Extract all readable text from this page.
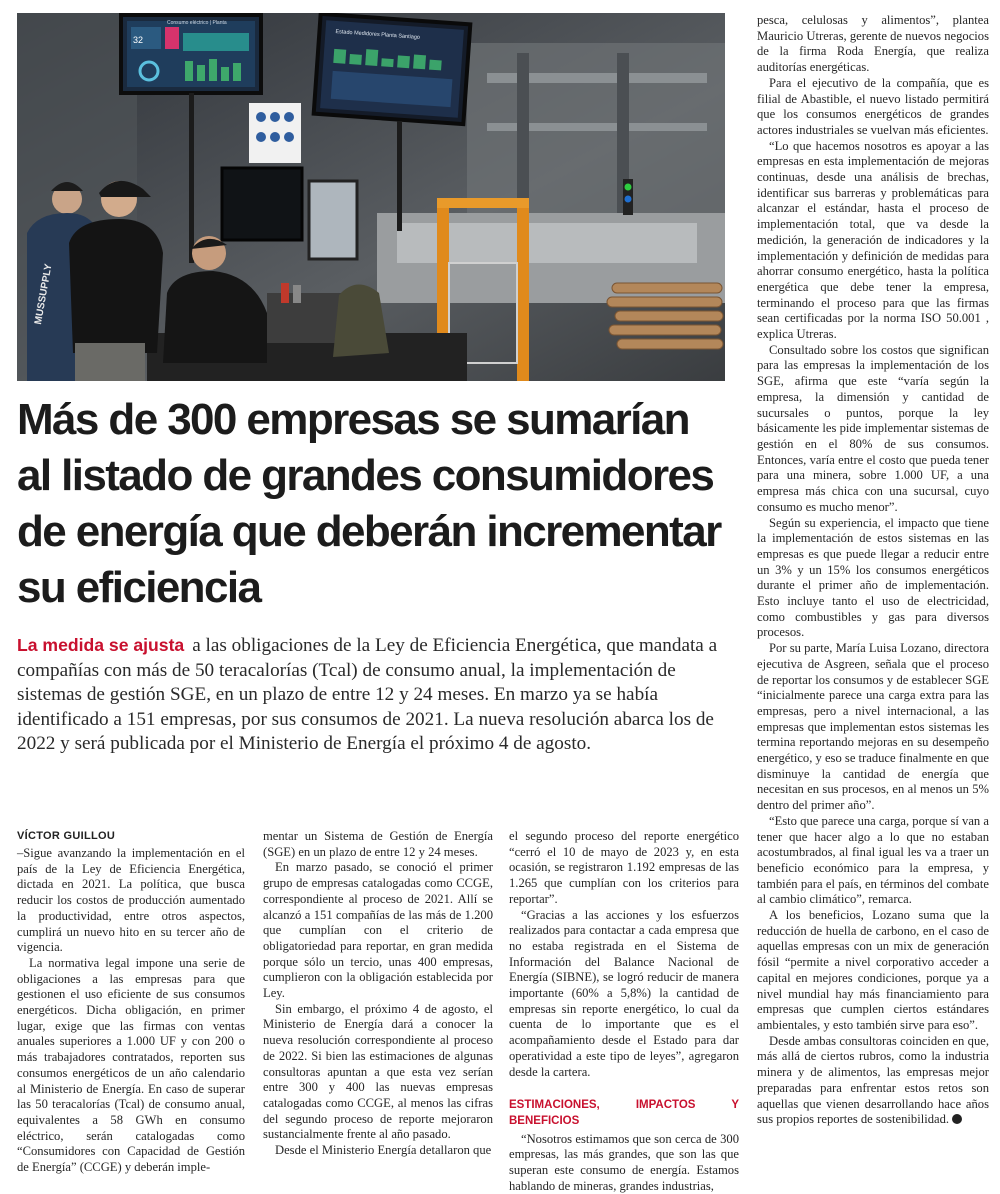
32
Consumo eléctrico | Planta
Estado Medidores Planta Santiago
MUSSUPPLY
Más de 300 empresas se sumarían al listado de grandes consumidores de energía que deberán incrementar su eficiencia

La medida se ajusta a las obligaciones de la Ley de Eficiencia Energética, que mandata a compañías con más de 50 teracalorías (Tcal) de consumo anual, la implementación de sistemas de gestión SGE, en un plazo de entre 12 y 24 meses. En marzo ya se había identificado a 151 empresas, por sus consumos de 2021. La nueva resolución abarca los de 2022 y será publicada por el Ministerio de Energía el próximo 4 de agosto.

VÍCTOR GUILLOU

–Sigue avanzando la implementación en el país de la Ley de Eficiencia Energética, dictada en 2021. La política, que busca reducir los costos de producción aumentado la productividad, entre otros aspectos, cumplirá un nuevo hito en su tercer año de vigencia.

La normativa legal impone una serie de obligaciones a las empresas para que gestionen el uso eficiente de sus consumos energéticos. Dicha obligación, en primer lugar, exige que las firmas con ventas anuales superiores a 1.000 UF y con 200 o más trabajadores contratados, reporten sus consumos energéticos de un año calendario al Ministerio de Energía. En caso de superar las 50 teracalorías (Tcal) de consumo anual, equivalentes a 58 GWh en consumo eléctrico, serán catalogadas como “Consumidores con Capacidad de Gestión de Energía” (CCGE) y deberán imple-

mentar un Sistema de Gestión de Energía (SGE) en un plazo de entre 12 y 24 meses.

En marzo pasado, se conoció el primer grupo de empresas catalogadas como CCGE, correspondiente al proceso de 2021. Allí se alcanzó a 151 compañías de las más de 1.200 que cumplían con el criterio de obligatoriedad para reportar, en gran medida porque sólo un tercio, unas 400 empresas, cumplieron con la obligación establecida por Ley.

Sin embargo, el próximo 4 de agosto, el Ministerio de Energía dará a conocer la nueva resolución correspondiente al proceso de 2022. Si bien las estimaciones de algunas consultoras apuntan a que esta vez serían entre 300 y 400 las nuevas empresas catalogadas como CCGE, al menos las cifras del segundo proceso de reporte mejoraron sustancialmente frente al año pasado.

Desde el Ministerio Energía detallaron que

el segundo proceso del reporte energético “cerró el 10 de mayo de 2023 y, en esta ocasión, se registraron 1.192 empresas de las 1.265 que cumplían con los criterios para reportar”.

“Gracias a las acciones y los esfuerzos realizados para contactar a cada empresa que no estaba registrada en el Sistema de Información del Balance Nacional de Energía (SIBNE), se logró reducir de manera importante (60% a 5,8%) la cantidad de empresas sin reporte energético, lo cual da cuenta de lo importante que es el acompañamiento desde el Estado para dar operatividad a este tipo de leyes”, agregaron desde la cartera.

ESTIMACIONES, IMPACTOS Y BENEFICIOS

“Nosotros estimamos que son cerca de 300 empresas, las más grandes, que son las que superan este consumo de energía. Estamos hablando de mineras, grandes industrias,

pesca, celulosas y alimentos”, plantea Mauricio Utreras, gerente de nuevos negocios de la firma Roda Energía, que realiza auditorías energéticas.

Para el ejecutivo de la compañía, que es filial de Abastible, el nuevo listado permitirá que los consumos energéticos de grandes actores industriales se vuelvan más eficientes.

“Lo que hacemos nosotros es apoyar a las empresas en esta implementación de mejoras continuas, desde una análisis de brechas, identificar sus barreras y problemáticas para alcanzar el estándar, hasta el proceso de implementación total, que va desde la medición, la generación de indicadores y la implementación y definición de medidas para ahorrar consumo energético, hasta la política energética que debe tener la empresa, terminando el proceso para que las firmas sean certificadas por la norma ISO 50.001 , explica Utreras.

Consultado sobre los costos que significan para las empresas la implementación de los SGE, afirma que este “varía según la empresa, la dimensión y cantidad de sucursales o puntos, porque la ley básicamente les pide implementar sistemas de gestión en el 80% de sus consumos. Entonces, varía entre el costo que pueda tener para una minera, sobre 1.000 UF, a una empresa más chica con una sucursal, cuyo consumo es mucho menor”.

Según su experiencia, el impacto que tiene la implementación de estos sistemas en las empresas es que puede llegar a reducir entre un 3% y un 15% los consumos energéticos durante el primer año de implementación. Esto incluye tanto el uso de electricidad, como combustibles y gas para diversos procesos.

Por su parte, María Luisa Lozano, directora ejecutiva de Asgreen, señala que el proceso de reportar los consumos y de establecer SGE “inicialmente parece una carga extra para las empresas, pero a nivel internacional, a las empresas que implementan estos sistemas les termina reportando mejoras en su desempeño energético, y eso se traduce finalmente en que disminuye la cantidad de energía que necesitan en sus procesos, en al menos un 5% dentro del primer año”.

“Esto que parece una carga, porque sí van a tener que hacer algo a lo que no estaban acostumbrados, al final igual les va a traer un beneficio económico para la empresa, y también para el país, en términos del combate al cambio climático”, remarca.

A los beneficios, Lozano suma que la reducción de huella de carbono, en el caso de aquellas empresas con un mix de generación fósil “permite a nivel corporativo acceder a capital en mejores condiciones, porque ya a nivel mundial hay más financiamiento para empresas que cumplen ciertos estándares ambientales, y esto también sirve para eso”.

Desde ambas consultoras coinciden en que, más allá de ciertos rubros, como la industria minera y de alimentos, las empresas mejor preparadas para enfrentar estos retos son aquellas que vienen desarrollando hace años sus propios reportes de sostenibilidad.
